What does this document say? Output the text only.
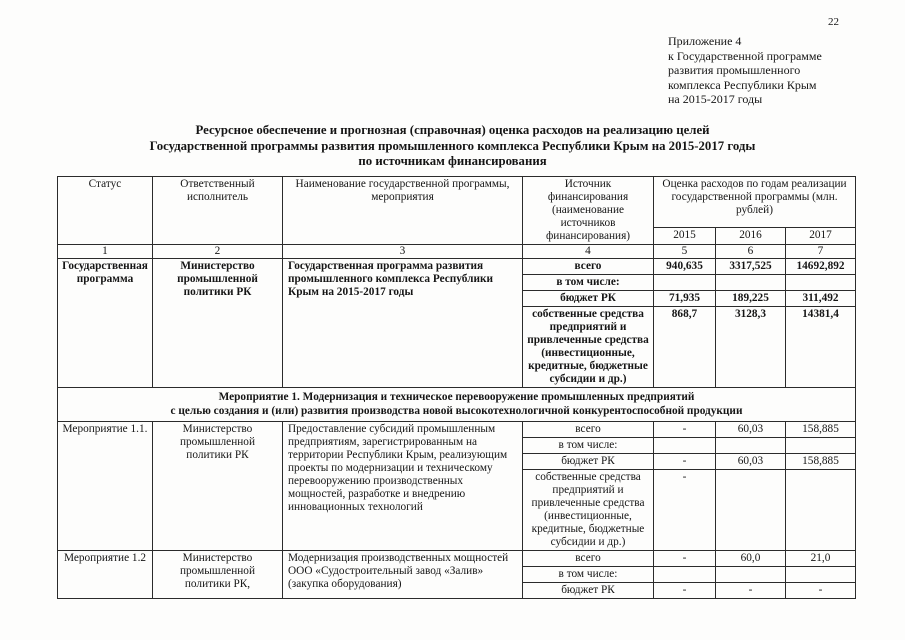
22
Приложение 4
к Государственной программе
развития промышленного
комплекса Республики Крым
на 2015-2017 годы
Ресурсное обеспечение и прогнозная (справочная) оценка расходов на реализацию целей
Государственной программы развития промышленного комплекса Республики Крым на 2015-2017 годы
по источникам финансирования
Статус	Ответственный исполнитель	Наименование государственной программы, мероприятия	Источник финансирования (наименование источников финансирования)	Оценка расходов по годам реализации государственной программы (млн. рублей)		
				2015	2016	2017
1	2	3	4	5	6	7
Государственная программа	Министерство промышленной политики РК	Государственная программа развития промышленного комплекса Республики Крым на 2015-2017 годы	всего	940,635	3317,525	14692,892
			в том числе:			
			бюджет РК	71,935	189,225	311,492
			собственные средства предприятий и привлеченные средства (инвестиционные, кредитные, бюджетные субсидии и др.)	868,7	3128,3	14381,4

Мероприятие 1. Модернизация и техническое перевооружение промышленных предприятий
с целью создания и (или) развития производства новой высокотехнологичной конкурентоспособной продукции						

Мероприятие 1.1.	Министерство промышленной политики РК	Предоставление субсидий промышленным предприятиям, зарегистрированным на территории Республики Крым, реализующим проекты по модернизации и техническому перевооружению производственных мощностей, разработке и внедрению инновационных технологий	всего	-	60,03	158,885
			в том числе:			
			бюджет РК	-	60,03	158,885
			собственные средства предприятий и привлеченные средства (инвестиционные, кредитные, бюджетные субсидии и др.)	-		
Мероприятие 1.2	Министерство промышленной политики РК,	Модернизация производственных мощностей ООО «Судостроительный завод «Залив» (закупка оборудования)	всего	-	60,0	21,0
			в том числе:			
			бюджет РК	-	-	-
